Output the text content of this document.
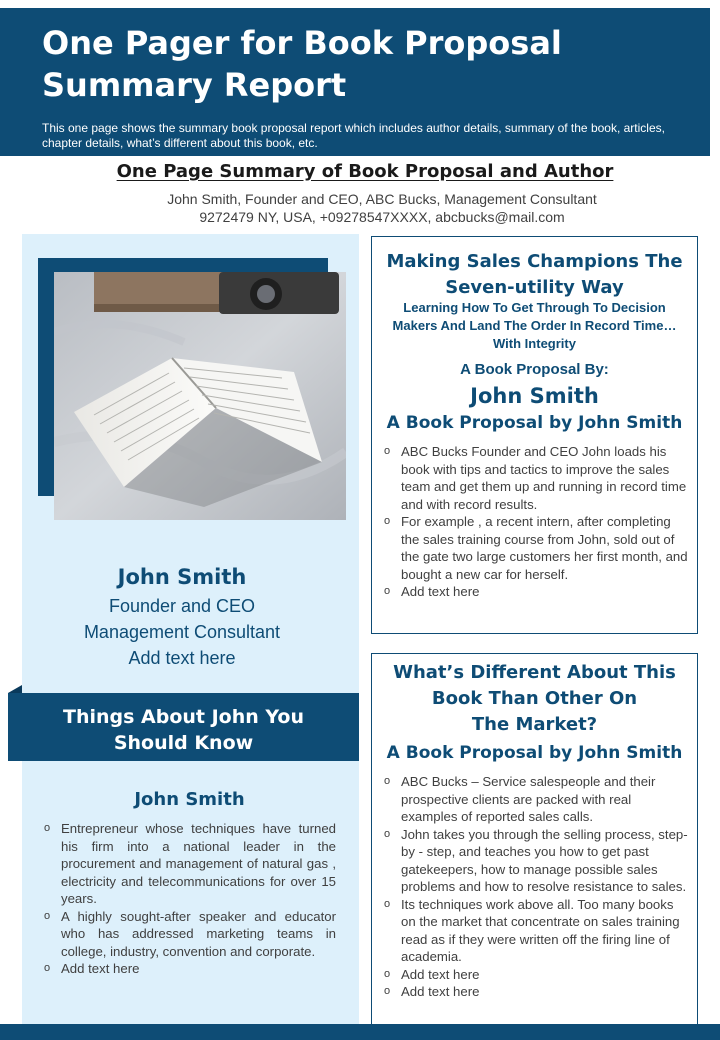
One Pager for Book Proposal
Summary Report

This one page shows the summary book proposal report which includes author details, summary of the book, articles, chapter details, what’s different about this book, etc.

One Page Summary of Book Proposal and Author
John Smith, Founder and CEO, ABC Bucks, Management Consultant
9272479 NY, USA, +09278547XXXX, abcbucks@mail.com
John Smith
Founder and CEO
Management Consultant
Add text here
Things About John You
Should Know
John Smith
o Entrepreneur whose techniques have turned his firm into a national leader in the procurement and management of natural gas , electricity and telecommunications for over 15 years.
o A highly sought-after speaker and educator who has addressed marketing teams in college, industry, convention and corporate.
o Add text here
Making Sales Champions The
Seven-utility Way
Learning How To Get Through To Decision
Makers And Land The Order In Record Time…
With Integrity
A Book Proposal By:
John Smith
A Book Proposal by John Smith
o ABC Bucks Founder and CEO John loads his book with tips and tactics to improve the sales team and get them up and running in record time and with record results.
o For example , a recent intern, after completing the sales training course from John, sold out of the gate two large customers her first month, and bought a new car for herself.
o Add text here
What’s Different About This
Book Than Other On
The Market?
A Book Proposal by John Smith
o ABC Bucks – Service salespeople and their prospective clients are packed with real examples of reported sales calls.
o John takes you through the selling process, step-by - step, and teaches you how to get past gatekeepers, how to manage possible sales problems and how to resolve resistance to sales.
o Its techniques work above all. Too many books on the market that concentrate on sales training read as if they were written off the firing line of academia.
o Add text here
o Add text here
